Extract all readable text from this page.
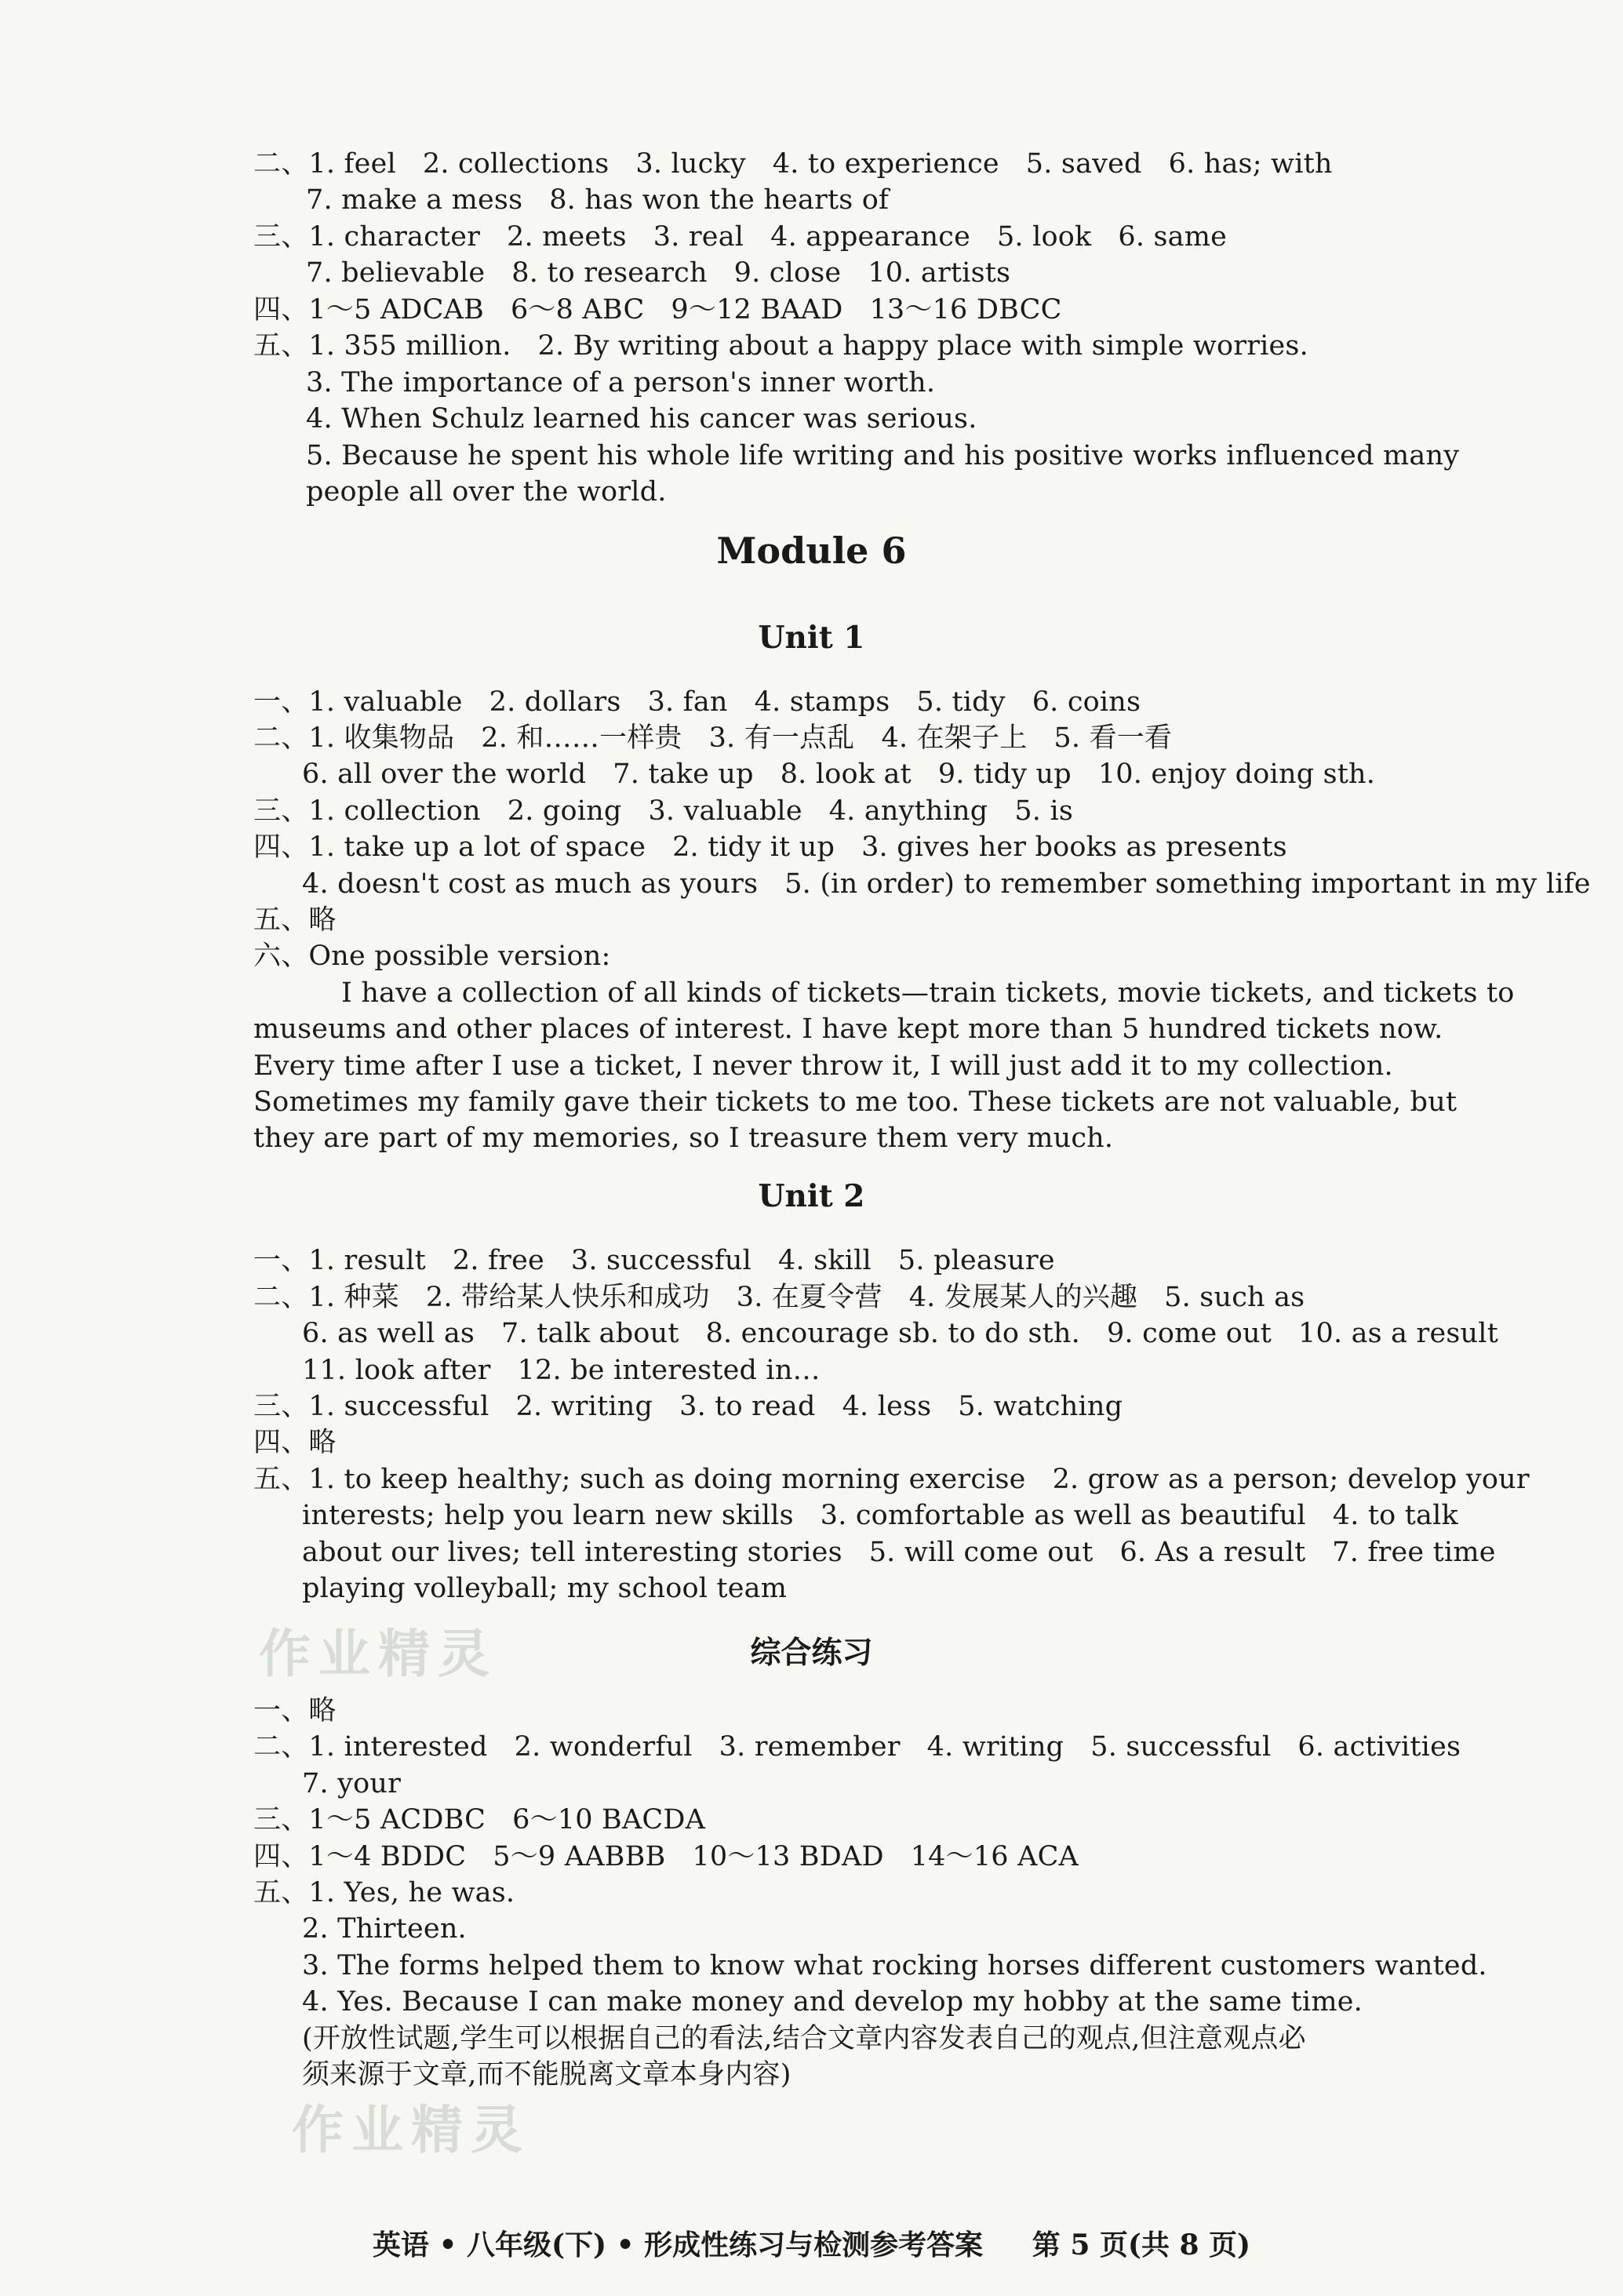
二、1. feel   2. collections   3. lucky   4. to experience   5. saved   6. has; with
7. make a mess   8. has won the hearts of
三、1. character   2. meets   3. real   4. appearance   5. look   6. same
7. believable   8. to research   9. close   10. artists
四、1～5 ADCAB   6～8 ABC   9～12 BAAD   13～16 DBCC
五、1. 355 million.   2. By writing about a happy place with simple worries.
3. The importance of a person's inner worth.
4. When Schulz learned his cancer was serious.
5. Because he spent his whole life writing and his positive works influenced many
people all over the world.
Module 6
Unit 1
一、1. valuable   2. dollars   3. fan   4. stamps   5. tidy   6. coins
二、1. 收集物品   2. 和……一样贵   3. 有一点乱   4. 在架子上   5. 看一看
6. all over the world   7. take up   8. look at   9. tidy up   10. enjoy doing sth.
三、1. collection   2. going   3. valuable   4. anything   5. is
四、1. take up a lot of space   2. tidy it up   3. gives her books as presents
4. doesn't cost as much as yours   5. (in order) to remember something important in my life
五、略
六、One possible version:
I have a collection of all kinds of tickets—train tickets, movie tickets, and tickets to
museums and other places of interest. I have kept more than 5 hundred tickets now.
Every time after I use a ticket, I never throw it, I will just add it to my collection.
Sometimes my family gave their tickets to me too. These tickets are not valuable, but
they are part of my memories, so I treasure them very much.
Unit 2
一、1. result   2. free   3. successful   4. skill   5. pleasure
二、1. 种菜   2. 带给某人快乐和成功   3. 在夏令营   4. 发展某人的兴趣   5. such as
6. as well as   7. talk about   8. encourage sb. to do sth.   9. come out   10. as a result
11. look after   12. be interested in…
三、1. successful   2. writing   3. to read   4. less   5. watching
四、略
五、1. to keep healthy; such as doing morning exercise   2. grow as a person; develop your
interests; help you learn new skills   3. comfortable as well as beautiful   4. to talk
about our lives; tell interesting stories   5. will come out   6. As a result   7. free time
playing volleyball; my school team
综合练习
一、略
二、1. interested   2. wonderful   3. remember   4. writing   5. successful   6. activities
7. your
三、1～5 ACDBC   6～10 BACDA
四、1～4 BDDC   5～9 AABBB   10～13 BDAD   14～16 ACA
五、1. Yes, he was.
2. Thirteen.
3. The forms helped them to know what rocking horses different customers wanted.
4. Yes. Because I can make money and develop my hobby at the same time.
(开放性试题,学生可以根据自己的看法,结合文章内容发表自己的观点,但注意观点必
须来源于文章,而不能脱离文章本身内容)
作业精灵
作业精灵
英语 • 八年级(下) • 形成性练习与检测参考答案     第 5 页(共 8 页)
